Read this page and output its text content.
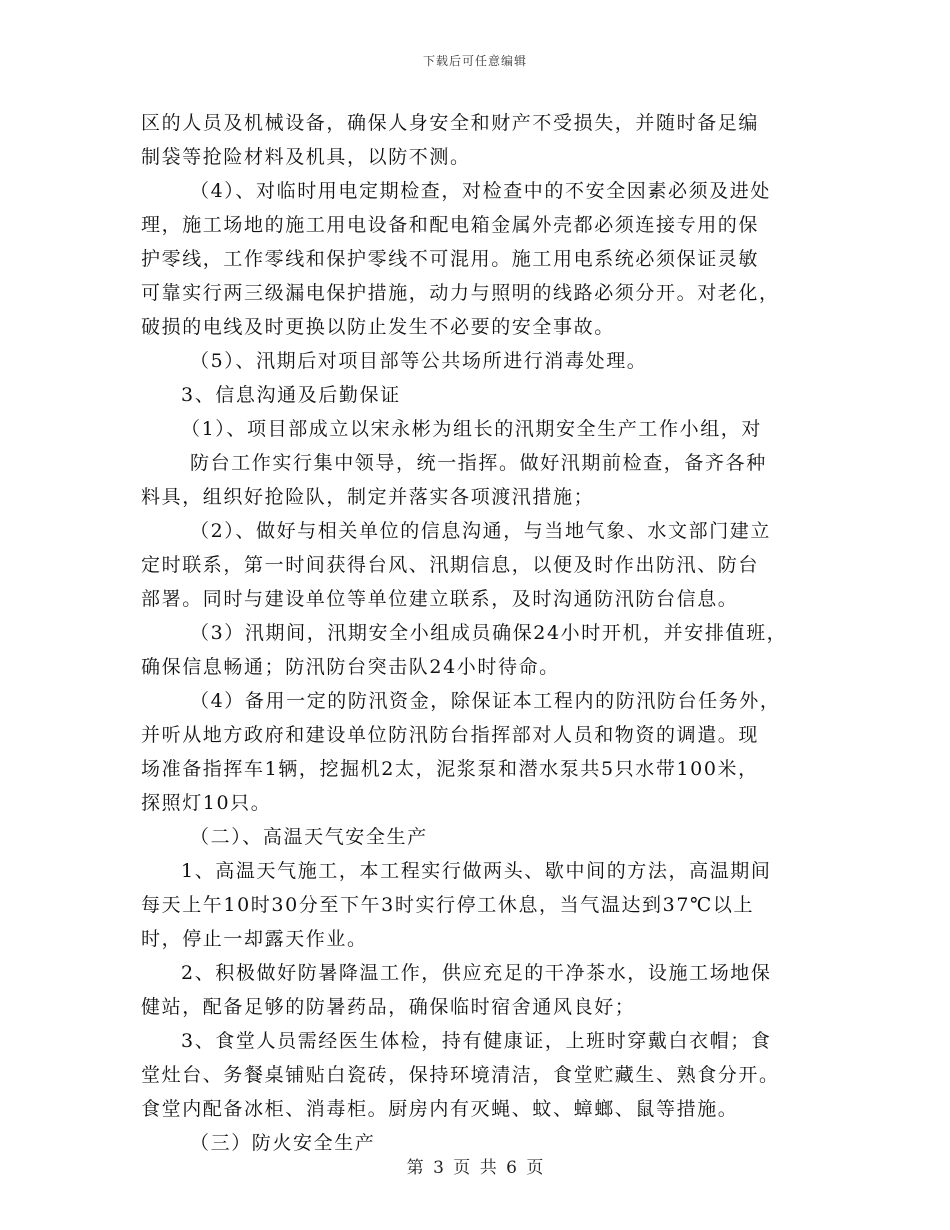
下载后可任意编辑
区的人员及机械设备，确保人身安全和财产不受损失，并随时备足编
制袋等抢险材料及机具，以防不测。
（4）、对临时用电定期检查，对检查中的不安全因素必须及进处
理，施工场地的施工用电设备和配电箱金属外壳都必须连接专用的保
护零线，工作零线和保护零线不可混用。施工用电系统必须保证灵敏
可靠实行两三级漏电保护措施，动力与照明的线路必须分开。对老化，
破损的电线及时更换以防止发生不必要的安全事故。
（5）、汛期后对项目部等公共场所进行消毒处理。
3、信息沟通及后勤保证
（1）、项目部成立以宋永彬为组长的汛期安全生产工作小组，对
防台工作实行集中领导，统一指挥。做好汛期前检查，备齐各种
料具，组织好抢险队，制定并落实各项渡汛措施；
（2）、做好与相关单位的信息沟通，与当地气象、水文部门建立
定时联系，第一时间获得台风、汛期信息，以便及时作出防汛、防台
部署。同时与建设单位等单位建立联系，及时沟通防汛防台信息。
（3）汛期间，汛期安全小组成员确保24小时开机，并安排值班，
确保信息畅通；防汛防台突击队24小时待命。
（4）备用一定的防汛资金，除保证本工程内的防汛防台任务外，
并听从地方政府和建设单位防汛防台指挥部对人员和物资的调遣。现
场准备指挥车1辆，挖掘机2太，泥浆泵和潜水泵共5只水带100米，
探照灯10只。
（二）、高温天气安全生产
1、高温天气施工，本工程实行做两头、歇中间的方法，高温期间
每天上午10时30分至下午3时实行停工休息，当气温达到37℃以上
时，停止一却露天作业。
2、积极做好防暑降温工作，供应充足的干净茶水，设施工场地保
健站，配备足够的防暑药品，确保临时宿舍通风良好；
3、食堂人员需经医生体检，持有健康证，上班时穿戴白衣帽；食
堂灶台、务餐桌铺贴白瓷砖，保持环境清洁，食堂贮藏生、熟食分开。
食堂内配备冰柜、消毒柜。厨房内有灭蝇、蚊、蟑螂、鼠等措施。
（三）防火安全生产
第 3 页 共 6 页
